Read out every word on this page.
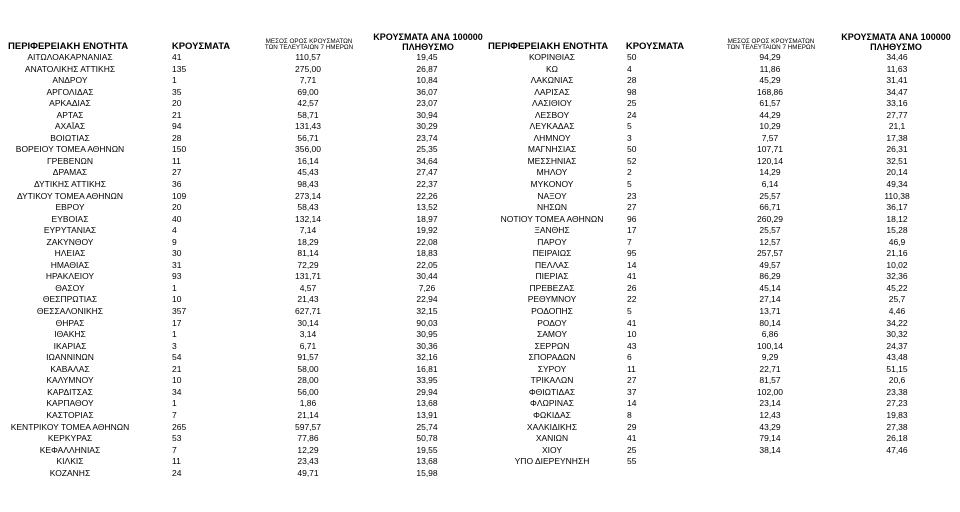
ΠΕΡΙΦΕΡΕΙΑΚΗ ΕΝΟΤΗΤΑ	ΚΡΟΥΣΜΑΤΑ	ΜΕΣΟΣ ΟΡΟΣ ΚΡΟΥΣΜΑΤΩΝ
ΤΩΝ ΤΕΛΕΥΤΑΙΩΝ 7 ΗΜΕΡΩΝ
ΚΡΟΥΣΜΑΤΑ ΑΝΑ 100000
ΠΛΗΘΥΣΜΟ
ΑΙΤΩΛΟΑΚΑΡΝΑΝΙΑΣ	41	110,57	19,45
ΑΝΑΤΟΛΙΚΗΣ ΑΤΤΙΚΗΣ	135	275,00	26,87
ΑΝΔΡΟΥ	1	7,71	10,84
ΑΡΓΟΛΙΔΑΣ	35	69,00	36,07
ΑΡΚΑΔΙΑΣ	20	42,57	23,07
ΑΡΤΑΣ	21	58,71	30,94
ΑΧΑΪΑΣ	94	131,43	30,29
ΒΟΙΩΤΙΑΣ	28	56,71	23,74
ΒΟΡΕΙΟΥ ΤΟΜΕΑ ΑΘΗΝΩΝ	150	356,00	25,35
ΓΡΕΒΕΝΩΝ	11	16,14	34,64
ΔΡΑΜΑΣ	27	45,43	27,47
ΔΥΤΙΚΗΣ ΑΤΤΙΚΗΣ	36	98,43	22,37
ΔΥΤΙΚΟΥ ΤΟΜΕΑ ΑΘΗΝΩΝ	109	273,14	22,26
ΕΒΡΟΥ	20	58,43	13,52
ΕΥΒΟΙΑΣ	40	132,14	18,97
ΕΥΡΥΤΑΝΙΑΣ	4	7,14	19,92
ΖΑΚΥΝΘΟΥ	9	18,29	22,08
ΗΛΕΙΑΣ	30	81,14	18,83
ΗΜΑΘΙΑΣ	31	72,29	22,05
ΗΡΑΚΛΕΙΟΥ	93	131,71	30,44
ΘΑΣΟΥ	1	4,57	7,26
ΘΕΣΠΡΩΤΙΑΣ	10	21,43	22,94
ΘΕΣΣΑΛΟΝΙΚΗΣ	357	627,71	32,15
ΘΗΡΑΣ	17	30,14	90,03
ΙΘΑΚΗΣ	1	3,14	30,95
ΙΚΑΡΙΑΣ	3	6,71	30,36
ΙΩΑΝΝΙΝΩΝ	54	91,57	32,16
ΚΑΒΑΛΑΣ	21	58,00	16,81
ΚΑΛΥΜΝΟΥ	10	28,00	33,95
ΚΑΡΔΙΤΣΑΣ	34	56,00	29,94
ΚΑΡΠΑΘΟΥ	1	1,86	13,68
ΚΑΣΤΟΡΙΑΣ	7	21,14	13,91
ΚΕΝΤΡΙΚΟΥ ΤΟΜΕΑ ΑΘΗΝΩΝ	265	597,57	25,74
ΚΕΡΚΥΡΑΣ	53	77,86	50,78
ΚΕΦΑΛΛΗΝΙΑΣ	7	12,29	19,55
ΚΙΛΚΙΣ	11	23,43	13,68
ΚΟΖΑΝΗΣ	24	49,71	15,98
ΠΕΡΙΦΕΡΕΙΑΚΗ ΕΝΟΤΗΤΑ	ΚΡΟΥΣΜΑΤΑ	ΜΕΣΟΣ ΟΡΟΣ ΚΡΟΥΣΜΑΤΩΝ
ΤΩΝ ΤΕΛΕΥΤΑΙΩΝ 7 ΗΜΕΡΩΝ
ΚΡΟΥΣΜΑΤΑ ΑΝΑ 100000
ΠΛΗΘΥΣΜΟ
ΚΟΡΙΝΘΙΑΣ	50	94,29	34,46
ΚΩ	4	11,86	11,63
ΛΑΚΩΝΙΑΣ	28	45,29	31,41
ΛΑΡΙΣΑΣ	98	168,86	34,47
ΛΑΣΙΘΙΟΥ	25	61,57	33,16
ΛΕΣΒΟΥ	24	44,29	27,77
ΛΕΥΚΑΔΑΣ	5	10,29	21,1
ΛΗΜΝΟΥ	3	7,57	17,38
ΜΑΓΝΗΣΙΑΣ	50	107,71	26,31
ΜΕΣΣΗΝΙΑΣ	52	120,14	32,51
ΜΗΛΟΥ	2	14,29	20,14
ΜΥΚΟΝΟΥ	5	6,14	49,34
ΝΑΞΟΥ	23	25,57	110,38
ΝΗΣΩΝ	27	66,71	36,17
ΝΟΤΙΟΥ ΤΟΜΕΑ ΑΘΗΝΩΝ	96	260,29	18,12
ΞΑΝΘΗΣ	17	25,57	15,28
ΠΑΡΟΥ	7	12,57	46,9
ΠΕΙΡΑΙΩΣ	95	257,57	21,16
ΠΕΛΛΑΣ	14	49,57	10,02
ΠΙΕΡΙΑΣ	41	86,29	32,36
ΠΡΕΒΕΖΑΣ	26	45,14	45,22
ΡΕΘΥΜΝΟΥ	22	27,14	25,7
ΡΟΔΟΠΗΣ	5	13,71	4,46
ΡΟΔΟΥ	41	80,14	34,22
ΣΑΜΟΥ	10	6,86	30,32
ΣΕΡΡΩΝ	43	100,14	24,37
ΣΠΟΡΑΔΩΝ	6	9,29	43,48
ΣΥΡΟΥ	11	22,71	51,15
ΤΡΙΚΑΛΩΝ	27	81,57	20,6
ΦΘΙΩΤΙΔΑΣ	37	102,00	23,38
ΦΛΩΡΙΝΑΣ	14	23,14	27,23
ΦΩΚΙΔΑΣ	8	12,43	19,83
ΧΑΛΚΙΔΙΚΗΣ	29	43,29	27,38
ΧΑΝΙΩΝ	41	79,14	26,18
ΧΙΟΥ	25	38,14	47,46
ΥΠΟ ΔΙΕΡΕΥΝΗΣΗ	55
